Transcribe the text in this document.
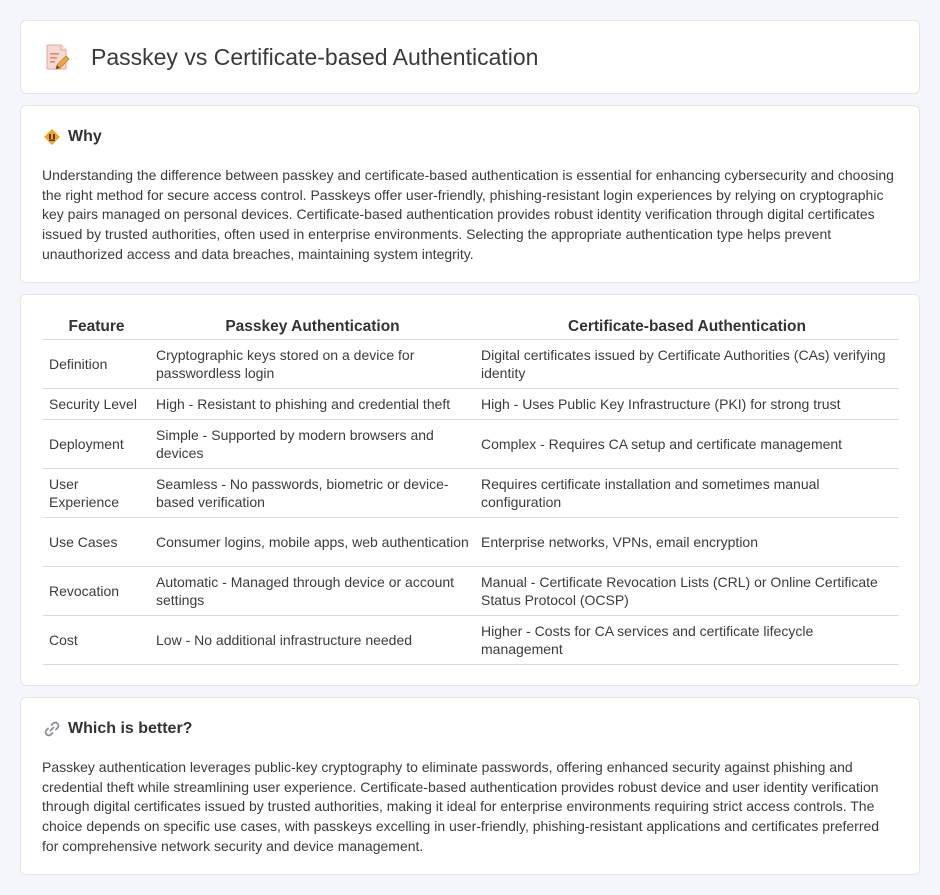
Passkey vs Certificate-based Authentication
Why

Understanding the difference between passkey and certificate-based authentication is essential for enhancing cybersecurity and choosing the right method for secure access control. Passkeys offer user-friendly, phishing-resistant login experiences by relying on cryptographic key pairs managed on personal devices. Certificate-based authentication provides robust identity verification through digital certificates issued by trusted authorities, often used in enterprise environments. Selecting the appropriate authentication type helps prevent unauthorized access and data breaches, maintaining system integrity.

Feature	Passkey Authentication	Certificate-based Authentication
Definition	Cryptographic keys stored on a device for passwordless login	Digital certificates issued by Certificate Authorities (CAs) verifying identity
Security Level	High - Resistant to phishing and credential theft	High - Uses Public Key Infrastructure (PKI) for strong trust
Deployment	Simple - Supported by modern browsers and devices	Complex - Requires CA setup and certificate management
User Experience	Seamless - No passwords, biometric or device-based verification	Requires certificate installation and sometimes manual configuration
Use Cases	Consumer logins, mobile apps, web authentication	Enterprise networks, VPNs, email encryption
Revocation	Automatic - Managed through device or account settings	Manual - Certificate Revocation Lists (CRL) or Online Certificate Status Protocol (OCSP)
Cost	Low - No additional infrastructure needed	Higher - Costs for CA services and certificate lifecycle management
Which is better?

Passkey authentication leverages public-key cryptography to eliminate passwords, offering enhanced security against phishing and credential theft while streamlining user experience. Certificate-based authentication provides robust device and user identity verification through digital certificates issued by trusted authorities, making it ideal for enterprise environments requiring strict access controls. The choice depends on specific use cases, with passkeys excelling in user-friendly, phishing-resistant applications and certificates preferred for comprehensive network security and device management.
